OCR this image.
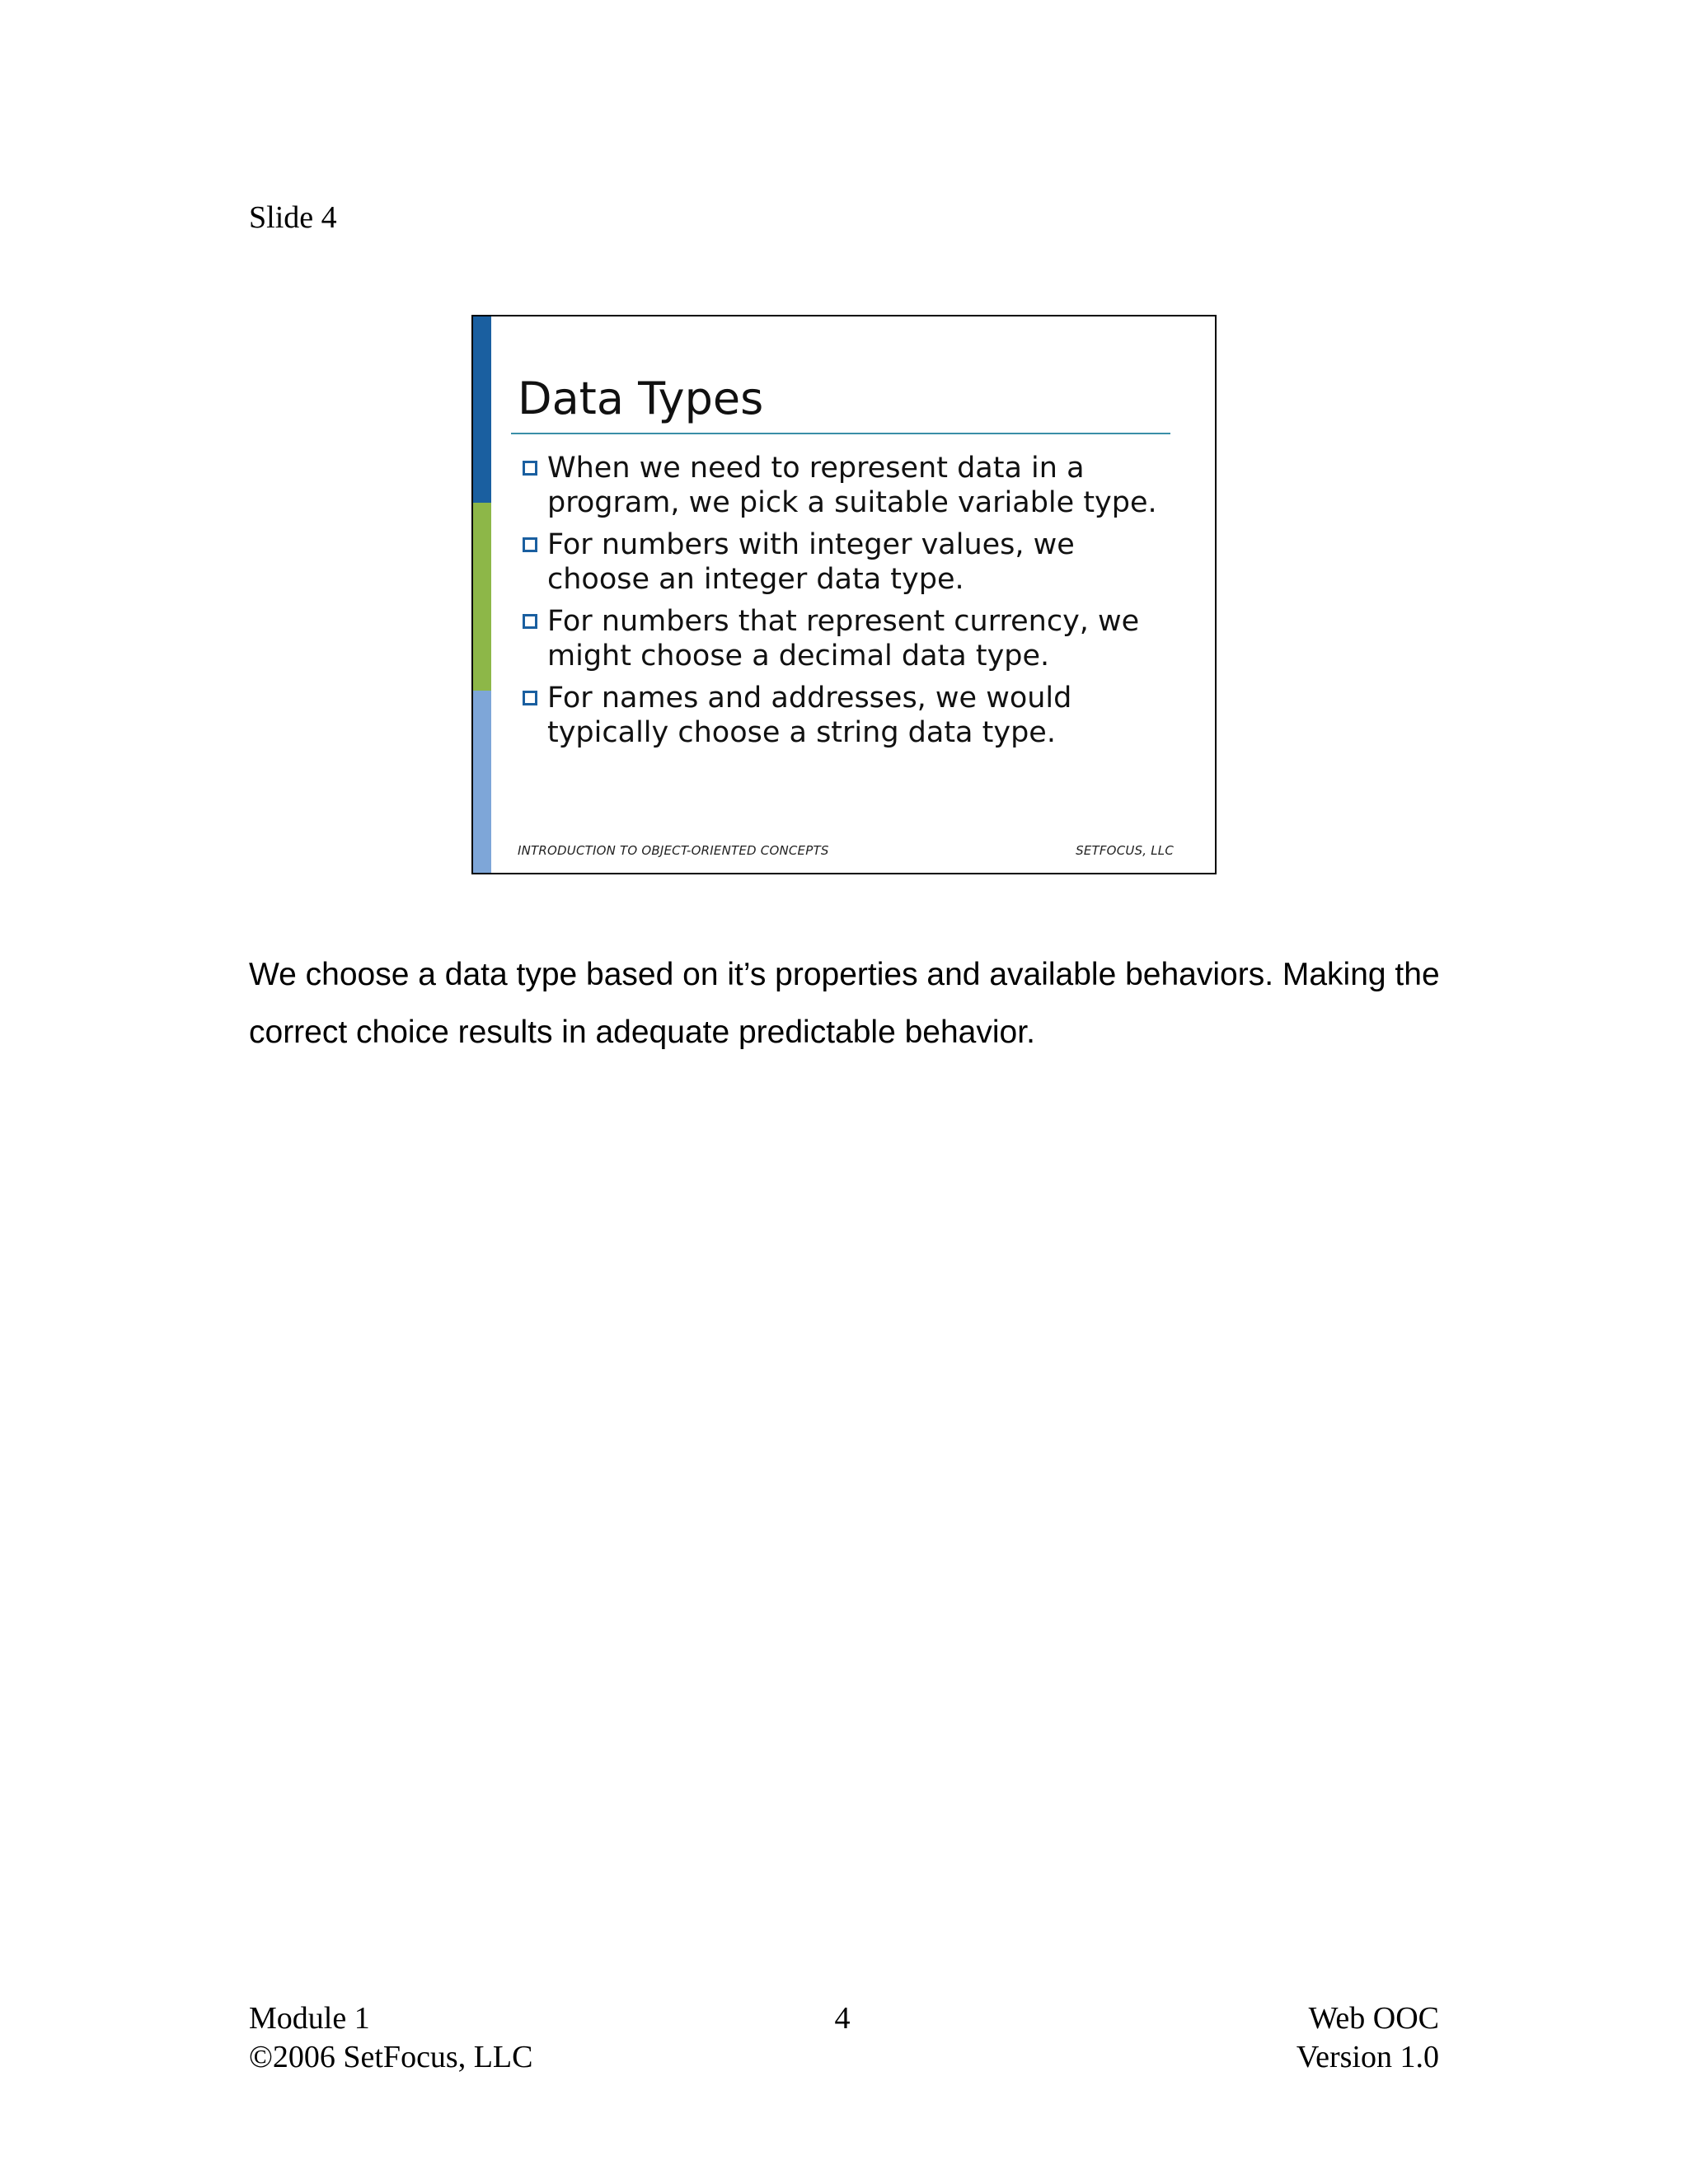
Slide 4
Data Types
When we need to represent data in a program, we pick a suitable variable type.
For numbers with integer values, we choose an integer data type.
For numbers that represent currency, we might choose a decimal data type.
For names and addresses, we would typically choose a string data type.
INTRODUCTION TO OBJECT-ORIENTED CONCEPTS	SETFOCUS, LLC
We choose a data type based on it’s properties and available behaviors. Making the correct choice results in adequate predictable behavior.
Module 1
©2006 SetFocus, LLC
4	Web OOC
Version 1.0
